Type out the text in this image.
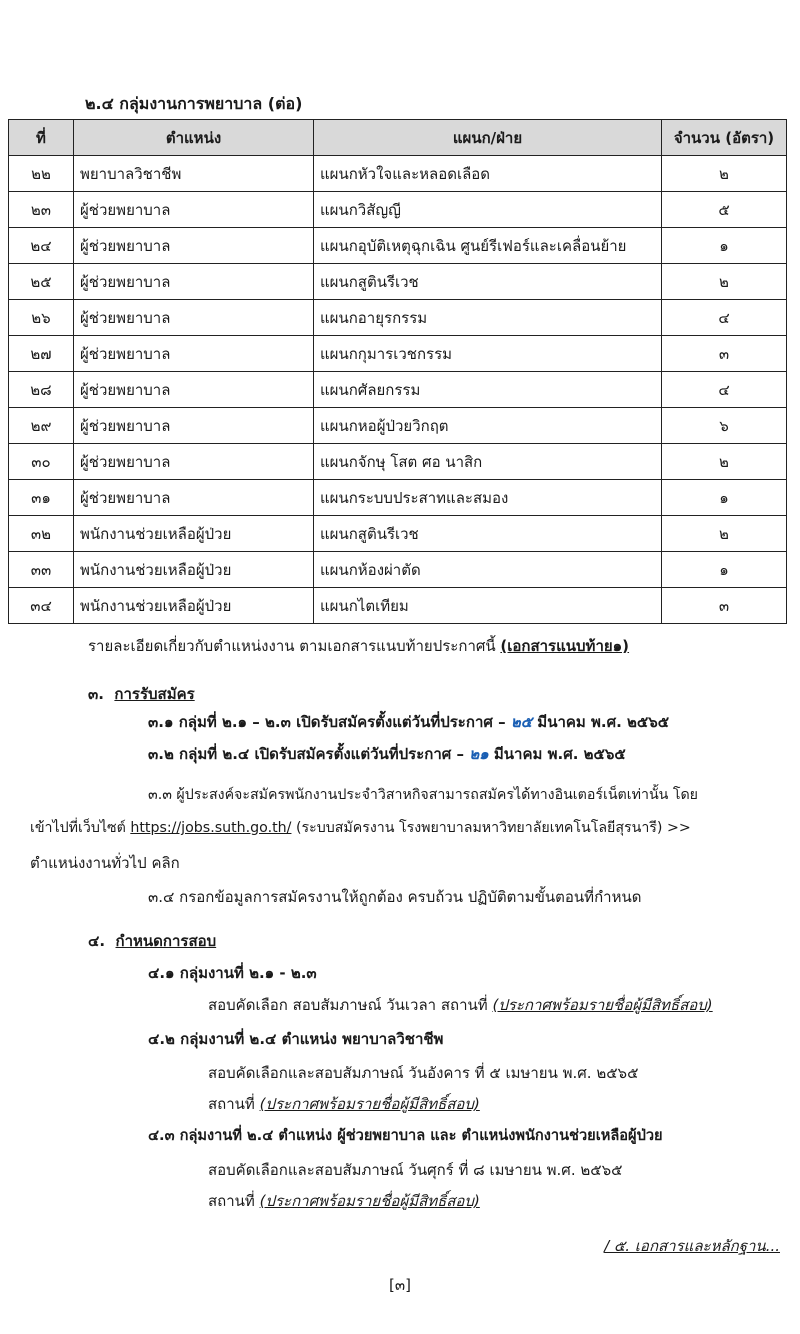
๒.๔ กลุ่มงานการพยาบาล (ต่อ)
ที่	ตำแหน่ง	แผนก/ฝ่าย	จำนวน (อัตรา)
๒๒	พยาบาลวิชาชีพ	แผนกหัวใจและหลอดเลือด	๒
๒๓	ผู้ช่วยพยาบาล	แผนกวิสัญญี	๕
๒๔	ผู้ช่วยพยาบาล	แผนกอุบัติเหตุฉุกเฉิน ศูนย์รีเฟอร์และเคลื่อนย้าย	๑
๒๕	ผู้ช่วยพยาบาล	แผนกสูตินรีเวช	๒
๒๖	ผู้ช่วยพยาบาล	แผนกอายุรกรรม	๔
๒๗	ผู้ช่วยพยาบาล	แผนกกุมารเวชกรรม	๓
๒๘	ผู้ช่วยพยาบาล	แผนกศัลยกรรม	๔
๒๙	ผู้ช่วยพยาบาล	แผนกหอผู้ป่วยวิกฤต	๖
๓๐	ผู้ช่วยพยาบาล	แผนกจักษุ โสต ศอ นาสิก	๒
๓๑	ผู้ช่วยพยาบาล	แผนกระบบประสาทและสมอง	๑
๓๒	พนักงานช่วยเหลือผู้ป่วย	แผนกสูตินรีเวช	๒
๓๓	พนักงานช่วยเหลือผู้ป่วย	แผนกห้องผ่าตัด	๑
๓๔	พนักงานช่วยเหลือผู้ป่วย	แผนกไตเทียม	๓
รายละเอียดเกี่ยวกับตำแหน่งงาน ตามเอกสารแนบท้ายประกาศนี้ (เอกสารแนบท้าย๑)
๓. การรับสมัคร
๓.๑ กลุ่มที่ ๒.๑ – ๒.๓ เปิดรับสมัครตั้งแต่วันที่ประกาศ – ๒๕ มีนาคม พ.ศ. ๒๕๖๕
๓.๒ กลุ่มที่ ๒.๔ เปิดรับสมัครตั้งแต่วันที่ประกาศ – ๒๑ มีนาคม พ.ศ. ๒๕๖๕
๓.๓ ผู้ประสงค์จะสมัครพนักงานประจำวิสาหกิจสามารถสมัครได้ทางอินเตอร์เน็ตเท่านั้น โดย
เข้าไปที่เว็บไซต์ https://jobs.suth.go.th/ (ระบบสมัครงาน โรงพยาบาลมหาวิทยาลัยเทคโนโลยีสุรนารี) >>
ตำแหน่งงานทั่วไป คลิก
๓.๔ กรอกข้อมูลการสมัครงานให้ถูกต้อง ครบถ้วน ปฏิบัติตามขั้นตอนที่กำหนด
๔. กำหนดการสอบ
๔.๑ กลุ่มงานที่ ๒.๑ - ๒.๓
สอบคัดเลือก สอบสัมภาษณ์ วันเวลา สถานที่ (ประกาศพร้อมรายชื่อผู้มีสิทธิ์สอบ)
๔.๒ กลุ่มงานที่ ๒.๔ ตำแหน่ง พยาบาลวิชาชีพ
สอบคัดเลือกและสอบสัมภาษณ์ วันอังคาร ที่ ๕ เมษายน พ.ศ. ๒๕๖๕
สถานที่ (ประกาศพร้อมรายชื่อผู้มีสิทธิ์สอบ)
๔.๓ กลุ่มงานที่ ๒.๔ ตำแหน่ง ผู้ช่วยพยาบาล และ ตำแหน่งพนักงานช่วยเหลือผู้ป่วย
สอบคัดเลือกและสอบสัมภาษณ์ วันศุกร์ ที่ ๘ เมษายน พ.ศ. ๒๕๖๕
สถานที่ (ประกาศพร้อมรายชื่อผู้มีสิทธิ์สอบ)
/ ๕. เอกสารและหลักฐาน...
[๓]
